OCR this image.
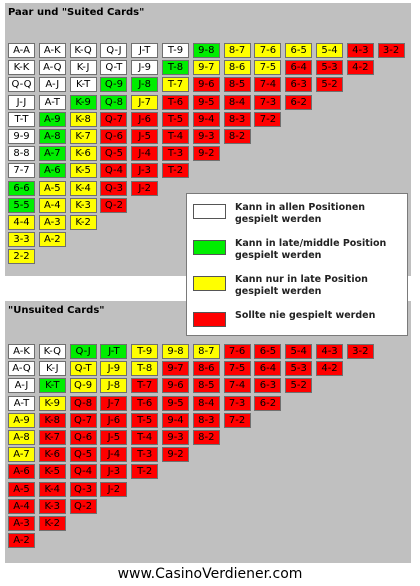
Paar und "Suited Cards"
A-A	A-K	K-Q	Q-J	J-T	T-9	9-8	8-7	7-6	6-5	5-4	4-3	3-2
K-K	A-Q	K-J	Q-T	J-9	T-8	9-7	8-6	7-5	6-4	5-3	4-2
Q-Q	A-J	K-T	Q-9	J-8	T-7	9-6	8-5	7-4	6-3	5-2
J-J	A-T	K-9	Q-8	J-7	T-6	9-5	8-4	7-3	6-2
T-T	A-9	K-8	Q-7	J-6	T-5	9-4	8-3	7-2
9-9	A-8	K-7	Q-6	J-5	T-4	9-3	8-2
8-8	A-7	K-6	Q-5	J-4	T-3	9-2
7-7	A-6	K-5	Q-4	J-3	T-2
6-6	A-5	K-4	Q-3	J-2
5-5	A-4	K-3	Q-2
4-4	A-3	K-2
3-3	A-2
2-2
"Unsuited Cards"
A-K	K-Q	Q-J	J-T	T-9	9-8	8-7	7-6	6-5	5-4	4-3	3-2
A-Q	K-J	Q-T	J-9	T-8	9-7	8-6	7-5	6-4	5-3	4-2
A-J	K-T	Q-9	J-8	T-7	9-6	8-5	7-4	6-3	5-2
A-T	K-9	Q-8	J-7	T-6	9-5	8-4	7-3	6-2
A-9	K-8	Q-7	J-6	T-5	9-4	8-3	7-2
A-8	K-7	Q-6	J-5	T-4	9-3	8-2
A-7	K-6	Q-5	J-4	T-3	9-2
A-6	K-5	Q-4	J-3	T-2
A-5	K-4	Q-3	J-2
A-4	K-3	Q-2
A-3	K-2
A-2
Kann in allen Positionen gespielt werden
Kann in late/middle Position gespielt werden
Kann nur in late Position gespielt werden
Sollte nie gespielt werden
www.CasinoVerdiener.com
